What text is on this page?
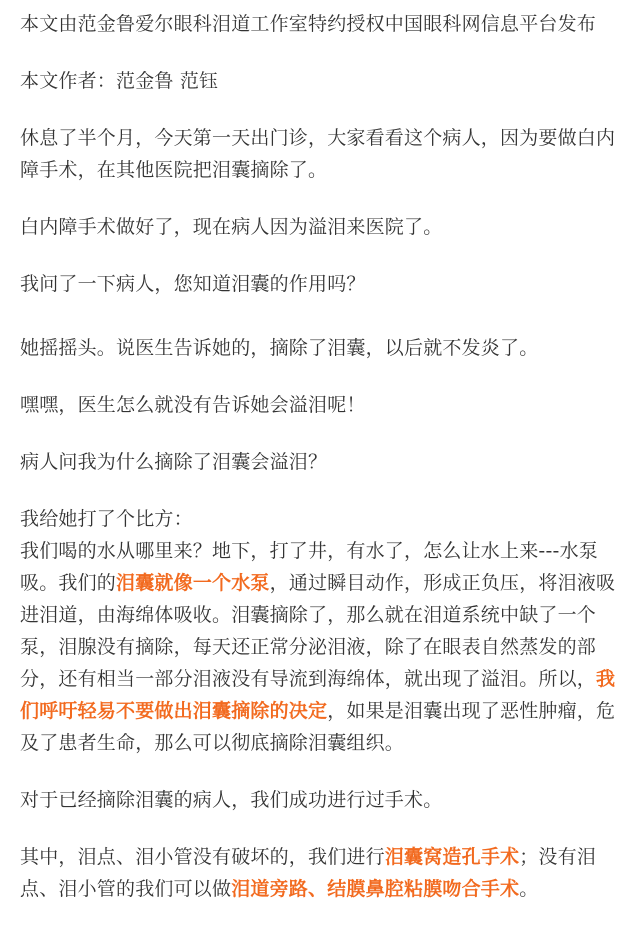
本文由范金鲁爱尔眼科泪道工作室特约授权中国眼科网信息平台发布

本文作者：范金鲁 范钰

休息了半个月，今天第一天出门诊，大家看看这个病人，因为要做白内障手术，在其他医院把泪囊摘除了。

白内障手术做好了，现在病人因为溢泪来医院了。

我问了一下病人，您知道泪囊的作用吗？

她摇摇头。说医生告诉她的，摘除了泪囊，以后就不发炎了。

嘿嘿，医生怎么就没有告诉她会溢泪呢！

病人问我为什么摘除了泪囊会溢泪？

我给她打了个比方：

我们喝的水从哪里来？地下，打了井，有水了，怎么让水上来---水泵吸。我们的泪囊就像一个水泵，通过瞬目动作，形成正负压，将泪液吸进泪道，由海绵体吸收。泪囊摘除了，那么就在泪道系统中缺了一个泵，泪腺没有摘除，每天还正常分泌泪液，除了在眼表自然蒸发的部分，还有相当一部分泪液没有导流到海绵体，就出现了溢泪。所以，我们呼吁轻易不要做出泪囊摘除的决定，如果是泪囊出现了恶性肿瘤，危及了患者生命，那么可以彻底摘除泪囊组织。

对于已经摘除泪囊的病人，我们成功进行过手术。

其中，泪点、泪小管没有破坏的，我们进行泪囊窝造孔手术；没有泪点、泪小管的我们可以做泪道旁路、结膜鼻腔粘膜吻合手术。
